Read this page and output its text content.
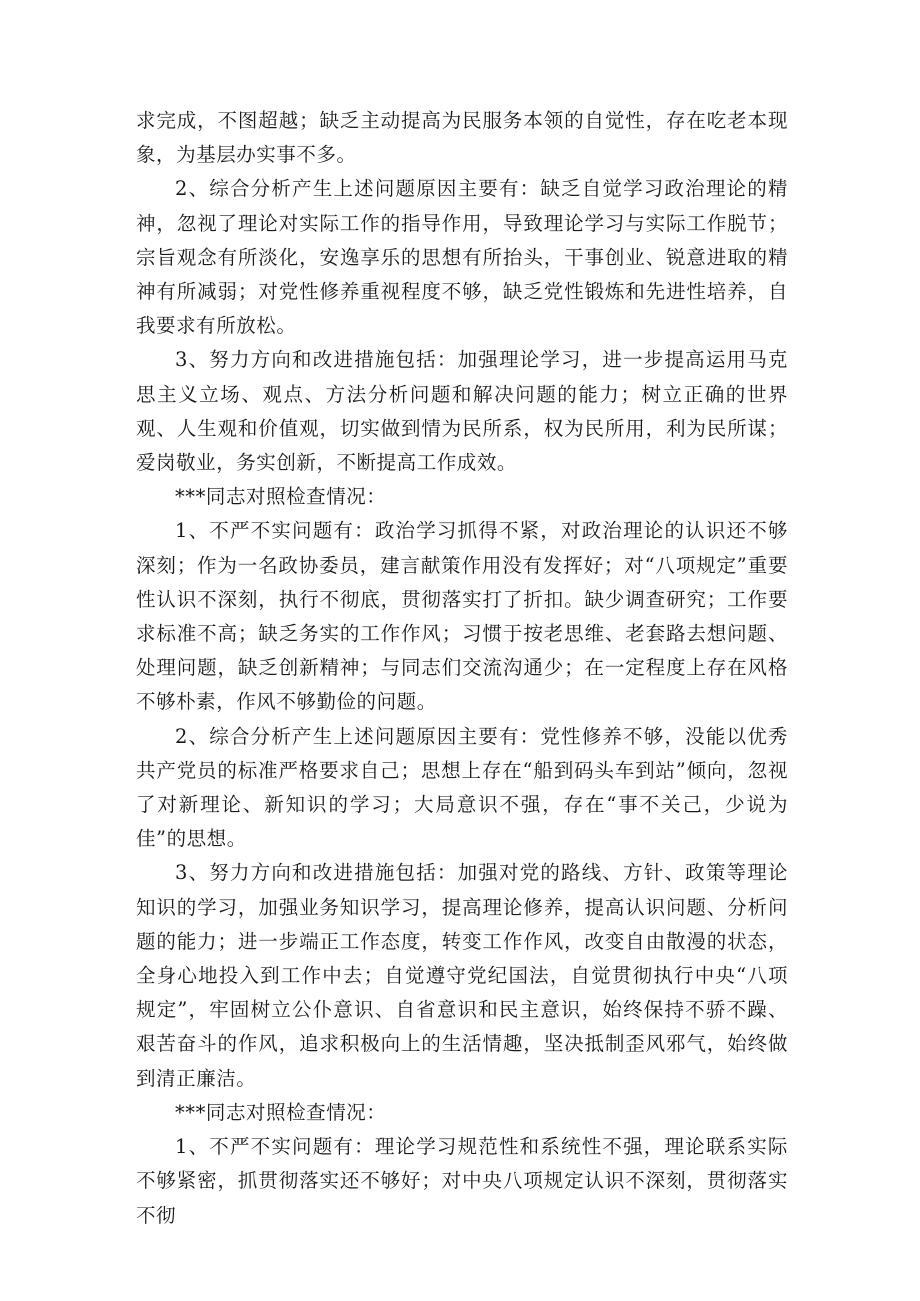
求完成，不图超越；缺乏主动提高为民服务本领的自觉性，存在吃老本现象，为基层办实事不多。

2、综合分析产生上述问题原因主要有：缺乏自觉学习政治理论的精神，忽视了理论对实际工作的指导作用，导致理论学习与实际工作脱节；宗旨观念有所淡化，安逸享乐的思想有所抬头，干事创业、锐意进取的精神有所减弱；对党性修养重视程度不够，缺乏党性锻炼和先进性培养，自我要求有所放松。

3、努力方向和改进措施包括：加强理论学习，进一步提高运用马克思主义立场、观点、方法分析问题和解决问题的能力；树立正确的世界观、人生观和价值观，切实做到情为民所系，权为民所用，利为民所谋；爱岗敬业，务实创新，不断提高工作成效。

***同志对照检查情况：

1、不严不实问题有：政治学习抓得不紧，对政治理论的认识还不够深刻；作为一名政协委员，建言献策作用没有发挥好；对“八项规定”重要性认识不深刻，执行不彻底，贯彻落实打了折扣。缺少调查研究；工作要求标准不高；缺乏务实的工作作风；习惯于按老思维、老套路去想问题、处理问题，缺乏创新精神；与同志们交流沟通少；在一定程度上存在风格不够朴素，作风不够勤俭的问题。

2、综合分析产生上述问题原因主要有：党性修养不够，没能以优秀共产党员的标准严格要求自己；思想上存在“船到码头车到站”倾向，忽视了对新理论、新知识的学习；大局意识不强，存在“事不关己，少说为佳”的思想。

3、努力方向和改进措施包括：加强对党的路线、方针、政策等理论知识的学习，加强业务知识学习，提高理论修养，提高认识问题、分析问题的能力；进一步端正工作态度，转变工作作风，改变自由散漫的状态，全身心地投入到工作中去；自觉遵守党纪国法，自觉贯彻执行中央“八项规定”，牢固树立公仆意识、自省意识和民主意识，始终保持不骄不躁、艰苦奋斗的作风，追求积极向上的生活情趣，坚决抵制歪风邪气，始终做到清正廉洁。

***同志对照检查情况：

1、不严不实问题有：理论学习规范性和系统性不强，理论联系实际不够紧密，抓贯彻落实还不够好；对中央八项规定认识不深刻，贯彻落实不彻
